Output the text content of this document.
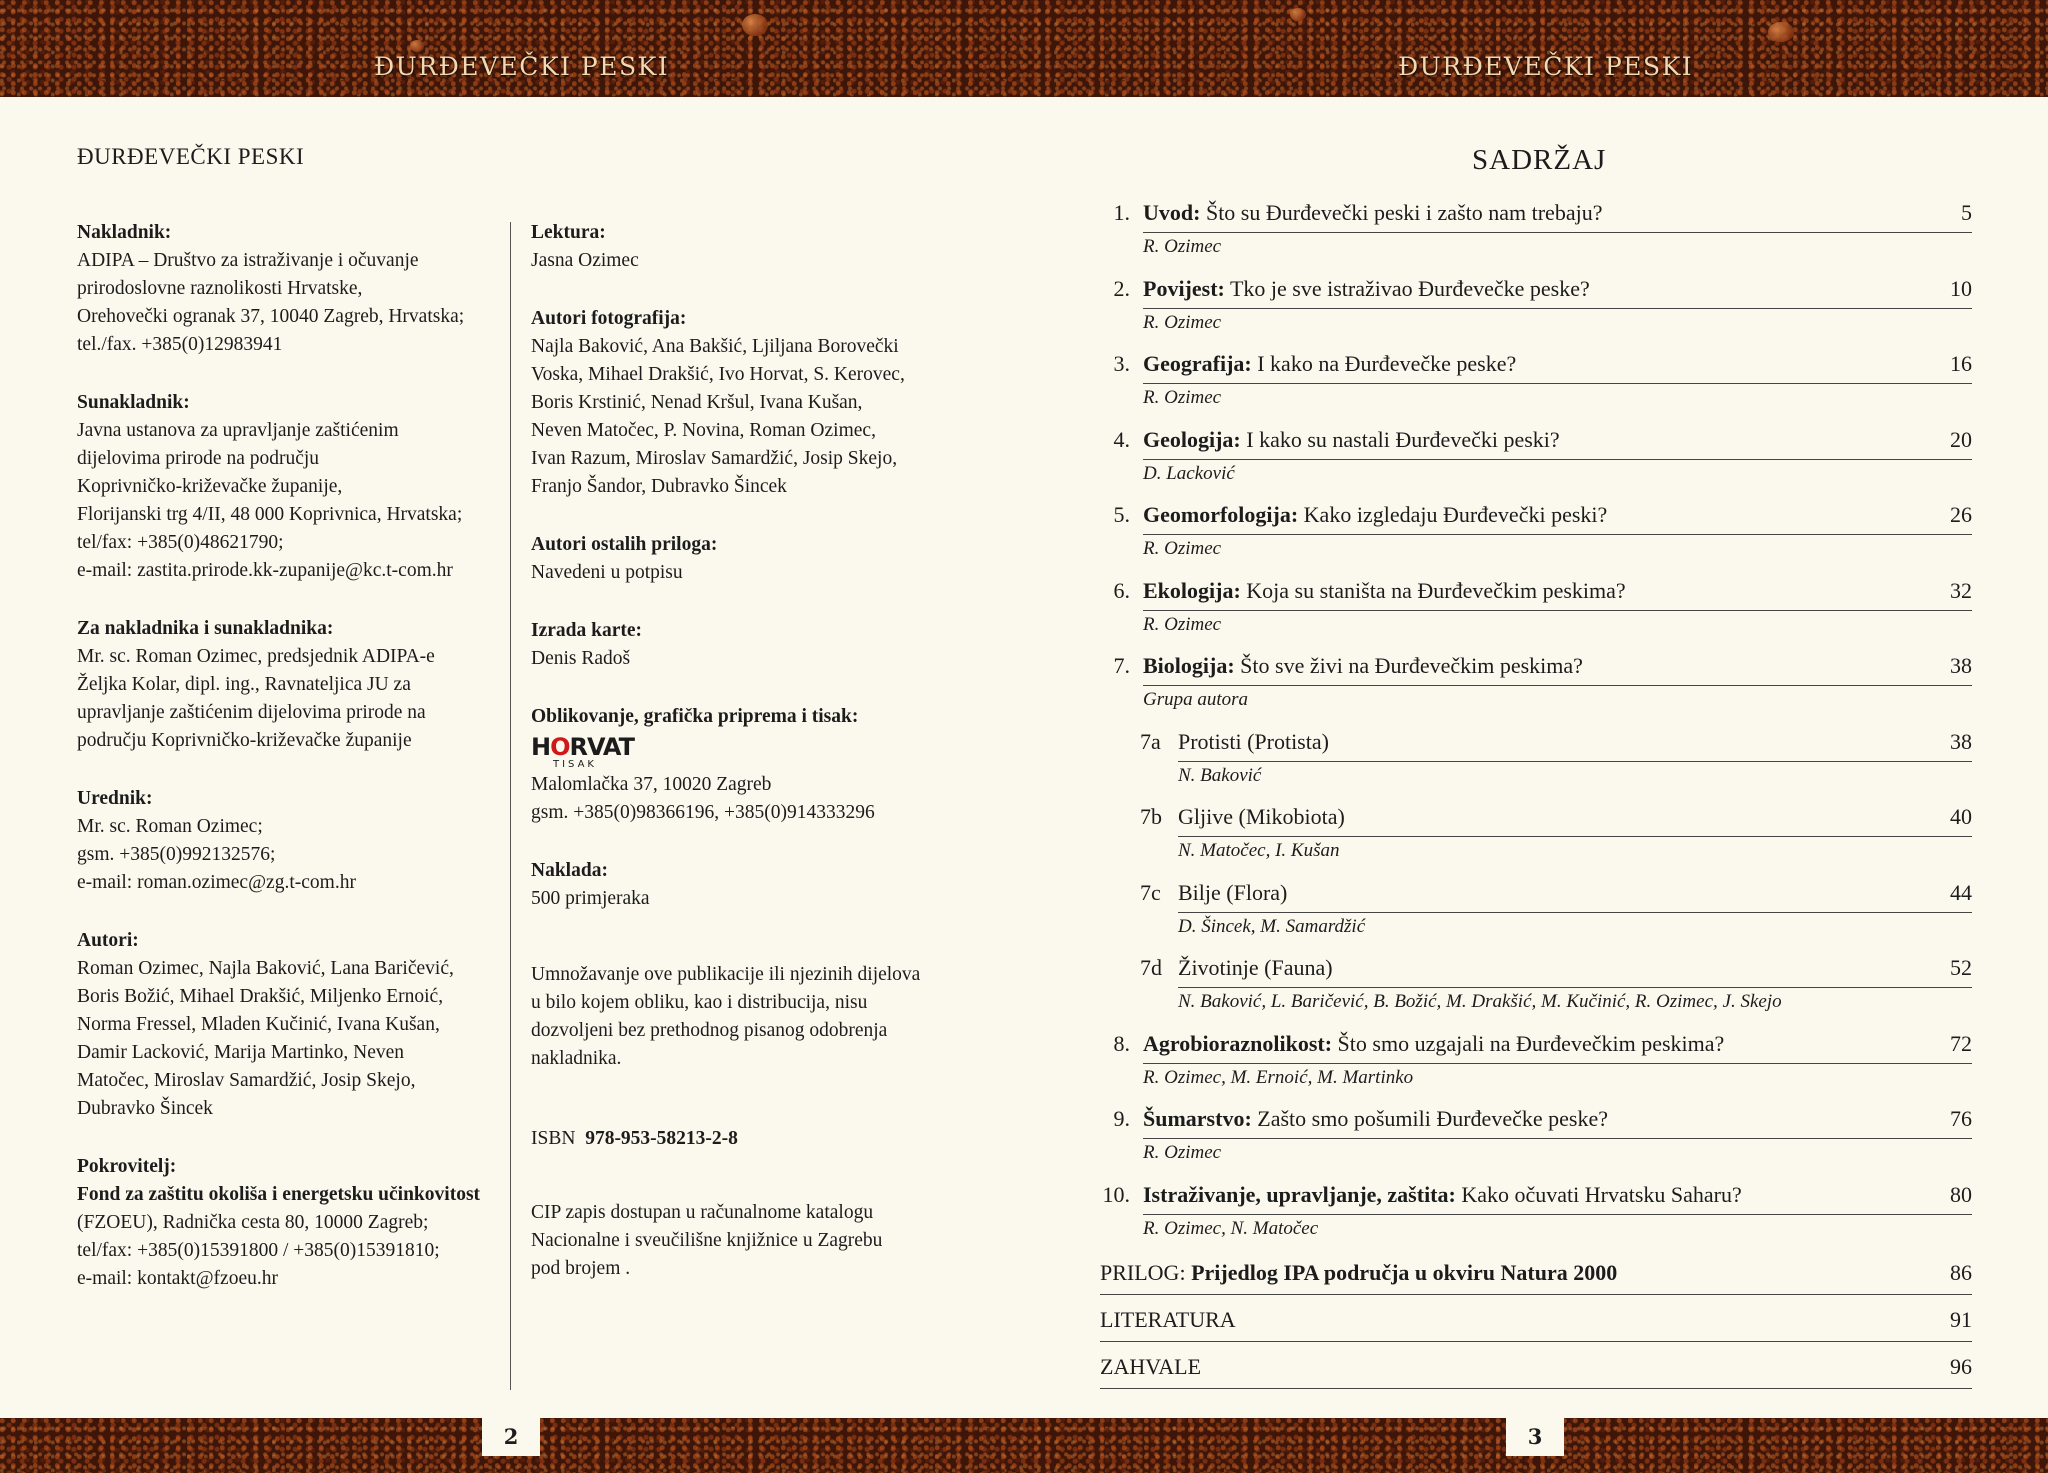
ĐURĐEVEČKI PESKI	ĐURĐEVEČKI PESKI
2	3
ĐURĐEVEČKI PESKI
Nakladnik:
ADIPA – Društvo za istraživanje i očuvanje
prirodoslovne raznolikosti Hrvatske,
Orehovečki ogranak 37, 10040 Zagreb, Hrvatska;
tel./fax. +385(0)12983941
Sunakladnik:
Javna ustanova za upravljanje zaštićenim
dijelovima prirode na području
Koprivničko-križevačke županije,
Florijanski trg 4/II, 48 000 Koprivnica, Hrvatska;
tel/fax: +385(0)48621790;
e-mail: zastita.prirode.kk-zupanije@kc.t-com.hr
Za nakladnika i sunakladnika:
Mr. sc. Roman Ozimec, predsjednik ADIPA-e
Željka Kolar, dipl. ing., Ravnateljica JU za
upravljanje zaštićenim dijelovima prirode na
području Koprivničko-križevačke županije
Urednik:
Mr. sc. Roman Ozimec;
gsm. +385(0)992132576;
e-mail: roman.ozimec@zg.t-com.hr
Autori:
Roman Ozimec, Najla Baković, Lana Baričević,
Boris Božić, Mihael Drakšić, Miljenko Ernoić,
Norma Fressel, Mladen Kučinić, Ivana Kušan,
Damir Lacković, Marija Martinko, Neven
Matočec, Miroslav Samardžić, Josip Skejo,
Dubravko Šincek
Pokrovitelj:
Fond za zaštitu okoliša i energetsku učinkovitost
(FZOEU), Radnička cesta 80, 10000 Zagreb;
tel/fax: +385(0)15391800 / +385(0)15391810;
e-mail: kontakt@fzoeu.hr
Lektura:
Jasna Ozimec
Autori fotografija:
Najla Baković, Ana Bakšić, Ljiljana Borovečki
Voska, Mihael Drakšić, Ivo Horvat, S. Kerovec,
Boris Krstinić, Nenad Kršul, Ivana Kušan,
Neven Matočec, P. Novina, Roman Ozimec,
Ivan Razum, Miroslav Samardžić, Josip Skejo,
Franjo Šandor, Dubravko Šincek
Autori ostalih priloga:
Navedeni u potpisu
Izrada karte:
Denis Radoš
Oblikovanje, grafička priprema i tisak:
HORVAT
TISAK
Malomlačka 37, 10020 Zagreb
gsm. +385(0)98366196, +385(0)914333296
Naklada:
500 primjeraka
Umnožavanje ove publikacije ili njezinih dijelova
u bilo kojem obliku, kao i distribucija, nisu
dozvoljeni bez prethodnog pisanog odobrenja
nakladnika.
ISBN 978-953-58213-2-8
CIP zapis dostupan u računalnome katalogu
Nacionalne i sveučilišne knjižnice u Zagrebu
pod brojem .
SADRŽAJ
1. Uvod: Što su Đurđevečki peski i zašto nam trebaju?	5
R. Ozimec
2. Povijest: Tko je sve istraživao Đurđevečke peske?	10
R. Ozimec
3. Geografija: I kako na Đurđevečke peske?	16
R. Ozimec
4. Geologija: I kako su nastali Đurđevečki peski?	20
D. Lacković
5. Geomorfologija: Kako izgledaju Đurđevečki peski?	26
R. Ozimec
6. Ekologija: Koja su staništa na Đurđevečkim peskima?	32
R. Ozimec
7. Biologija: Što sve živi na Đurđevečkim peskima?	38
Grupa autora
7a Protisti (Protista)	38
N. Baković
7b Gljive (Mikobiota)	40
N. Matočec, I. Kušan
7c Bilje (Flora)	44
D. Šincek, M. Samardžić
7d Životinje (Fauna)	52
N. Baković, L. Baričević, B. Božić, M. Drakšić, M. Kučinić, R. Ozimec, J. Skejo
8. Agrobioraznolikost: Što smo uzgajali na Đurđevečkim peskima?	72
R. Ozimec, M. Ernoić, M. Martinko
9. Šumarstvo: Zašto smo pošumili Đurđevečke peske?	76
R. Ozimec
10. Istraživanje, upravljanje, zaštita: Kako očuvati Hrvatsku Saharu?	80
R. Ozimec, N. Matočec
PRILOG: Prijedlog IPA područja u okviru Natura 2000	86
LITERATURA	91
ZAHVALE	96
